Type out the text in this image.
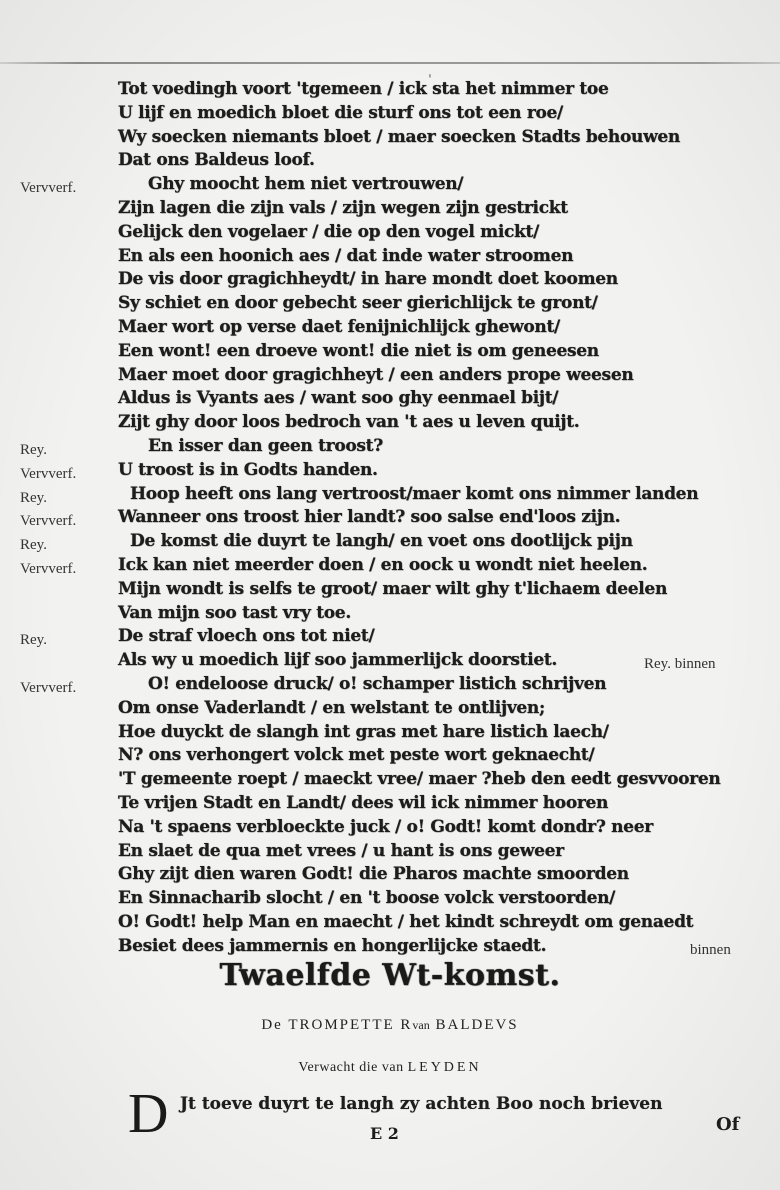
ˌ
Tot voedingh voort 'tgemeen / ick sta het nimmer toe
U lijf en moedich bloet die sturf ons tot een roe/
Wy soecken niemants bloet / maer soecken Stadts behouwen
Dat ons Baldeus loof.
Vervverf.	Ghy moocht hem niet vertrouwen/
Zijn lagen die zijn vals / zijn wegen zijn gestrickt
Gelijck den vogelaer / die op den vogel mickt/
En als een hoonich aes / dat inde water stroomen
De vis door gragichheydt/ in hare mondt doet koomen
Sy schiet en door gebecht seer gierichlijck te gront/
Maer wort op verse daet fenijnichlijck ghewont/
Een wont! een droeve wont! die niet is om geneesen
Maer moet door gragichheyt / een anders prope weesen
Aldus is Vyants aes / want soo ghy eenmael bijt/
Zijt ghy door loos bedroch van 't aes u leven quijt.
Rey.	En isser dan geen troost?
Vervverf. U troost is in Godts handen.
Rey.	Hoop heeft ons lang vertroost/maer komt ons nimmer landen
Vervverf. Wanneer ons troost hier landt? soo salse end'loos zijn.
Rey.	De komst die duyrt te langh/ en voet ons dootlijck pijn
Vervverf. Ick kan niet meerder doen / en oock u wondt niet heelen.
Mijn wondt is selfs te groot/ maer wilt ghy t'lichaem deelen
Van mijn soo tast vry toe.
Rey.	De straf vloech ons tot niet/
Als wy u moedich lijf soo jammerlijck doorstiet.	Rey. binnen
Vervverf.	O! endeloose druck/ o! schamper listich schrijven
Om onse Vaderlandt / en welstant te ontlijven;
Hoe duyckt de slangh int gras met hare listich laech/
N? ons verhongert volck met peste wort geknaecht/
'T gemeente roept / maeckt vree/ maer ?heb den eedt gesvvooren
Te vrijen Stadt en Landt/ dees wil ick nimmer hooren
Na 't spaens verbloeckte juck / o! Godt! komt dondr? neer
En slaet de qua met vrees / u hant is ons geweer
Ghy zijt dien waren Godt! die Pharos machte smoorden
En Sinnacharib slocht / en 't boose volck verstoorden/
O! Godt! help Man en maecht / het kindt schreydt om genaedt
Besiet dees jammernis en hongerlijcke staedt.	binnen
Twaelfde Wt-komst.
De TROMPETTE Rvan BALDEVS
Verwacht die van LEYDEN
D Jt toeve duyrt te langh zy achten Boo noch brieven
Of
E 2
